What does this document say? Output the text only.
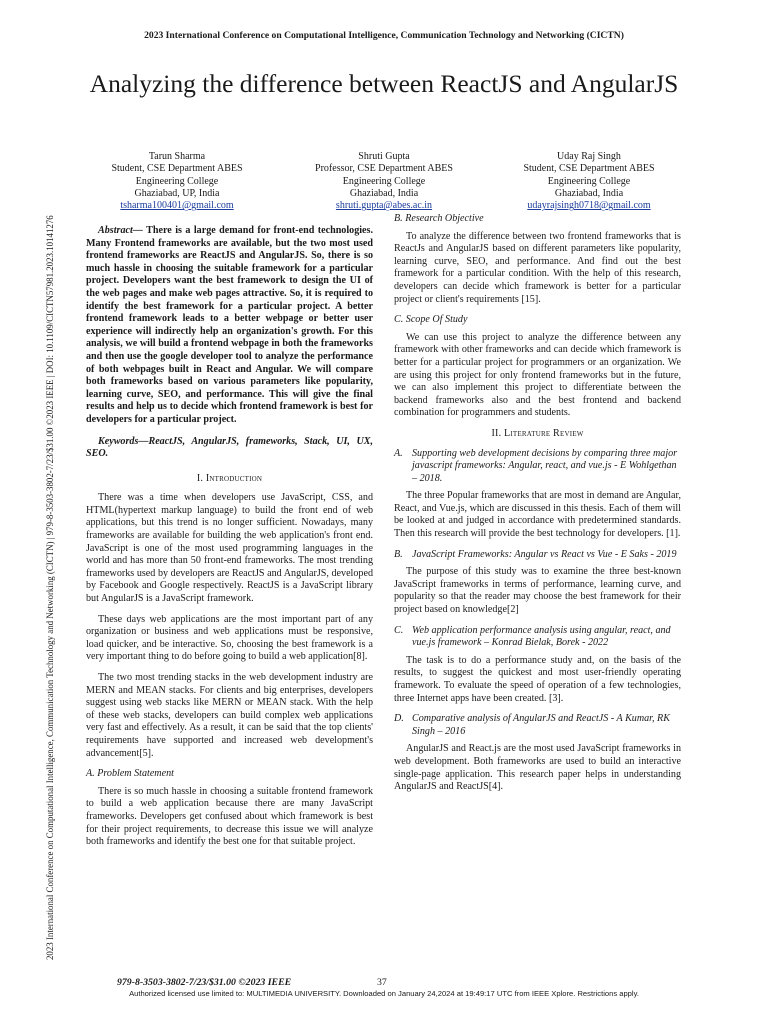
2023 International Conference on Computational Intelligence, Communication Technology and Networking (CICTN)
Analyzing the difference between ReactJS and AngularJS
2023 International Conference on Computational Intelligence, Communication Technology and Networking (CICTN) | 979-8-3503-3802-7/23/$31.00 ©2023 IEEE | DOI: 10.1109/CICTN57981.2023.10141276
Tarun Sharma
Student, CSE Department ABES
Engineering College
Ghaziabad, UP, India
tsharma100401@gmail.com
Shruti Gupta
Professor, CSE Department ABES
Engineering College
Ghaziabad, India
shruti.gupta@abes.ac.in
Uday Raj Singh
Student, CSE Department ABES
Engineering College
Ghaziabad, India
udayrajsingh0718@gmail.com
Abstract— There is a large demand for front-end technologies. Many Frontend frameworks are available, but the two most used frontend frameworks are ReactJS and AngularJS. So, there is so much hassle in choosing the suitable framework for a particular project. Developers want the best framework to design the UI of the web pages and make web pages attractive. So, it is required to identify the best framework for a particular project. A better frontend framework leads to a better webpage or better user experience will indirectly help an organization's growth. For this analysis, we will build a frontend webpage in both the frameworks and then use the google developer tool to analyze the performance of both webpages built in React and Angular. We will compare both frameworks based on various parameters like popularity, learning curve, SEO, and performance. This will give the final results and help us to decide which frontend framework is best for developers for a particular project.
Keywords—ReactJS, AngularJS, frameworks, Stack, UI, UX, SEO.
I. Introduction

There was a time when developers use JavaScript, CSS, and HTML(hypertext markup language) to build the front end of web applications, but this trend is no longer sufficient. Nowadays, many frameworks are available for building the web application's front end. JavaScript is one of the most used programming languages in the world and has more than 50 front-end frameworks. The most trending frameworks used by developers are ReactJS and AngularJS, developed by Facebook and Google respectively. ReactJS is a JavaScript library but AngularJS is a JavaScript framework.

These days web applications are the most important part of any organization or business and web applications must be responsive, load quicker, and be interactive. So, choosing the best framework is a very important thing to do before going to build a web application[8].

The two most trending stacks in the web development industry are MERN and MEAN stacks. For clients and big enterprises, developers suggest using web stacks like MERN or MEAN stack. With the help of these web stacks, developers can build complex web applications very fast and effectively. As a result, it can be said that the top clients' requirements have supported and increased web development's advancement[5].

A. Problem Statement

There is so much hassle in choosing a suitable frontend framework to build a web application because there are many JavaScript frameworks. Developers get confused about which framework is best for their project requirements, to decrease this issue we will analyze both frameworks and identify the best one for that suitable project.

B. Research Objective

To analyze the difference between two frontend frameworks that is ReactJs and AngularJS based on different parameters like popularity, learning curve, SEO, and performance. And find out the best framework for a particular condition. With the help of this research, developers can decide which framework is better for a particular project or client's requirements [15].

C. Scope Of Study

We can use this project to analyze the difference between any framework with other frameworks and can decide which framework is better for a particular project for programmers or an organization. We are using this project for only frontend frameworks but in the future, we can also implement this project to differentiate between the backend frameworks also and the best frontend and backend combination for programmers and students.

II. Literature Review
A. Supporting web development decisions by comparing three major javascript frameworks: Angular, react, and vue.js - E Wohlgethan – 2018.

The three Popular frameworks that are most in demand are Angular, React, and Vue.js, which are discussed in this thesis. Each of them will be looked at and judged in accordance with predetermined standards. Then this research will provide the best technology for developers. [1].

B. JavaScript Frameworks: Angular vs React vs Vue - E Saks - 2019

The purpose of this study was to examine the three best-known JavaScript frameworks in terms of performance, learning curve, and popularity so that the reader may choose the best framework for their project based on knowledge[2]

C. Web application performance analysis using angular, react, and vue.js framework – Konrad Bielak, Borek - 2022

The task is to do a performance study and, on the basis of the results, to suggest the quickest and most user-friendly operating framework. To evaluate the speed of operation of a few technologies, three Internet apps have been created. [3].

D. Comparative analysis of AngularJS and ReactJS - A Kumar, RK Singh – 2016

AngularJS and React.js are the most used JavaScript frameworks in web development. Both frameworks are used to build an interactive single-page application. This research paper helps in understanding AngularJS and ReactJS[4].

979-8-3503-3802-7/23/$31.00 ©2023 IEEE	37
Authorized licensed use limited to: MULTIMEDIA UNIVERSITY. Downloaded on January 24,2024 at 19:49:17 UTC from IEEE Xplore. Restrictions apply.
